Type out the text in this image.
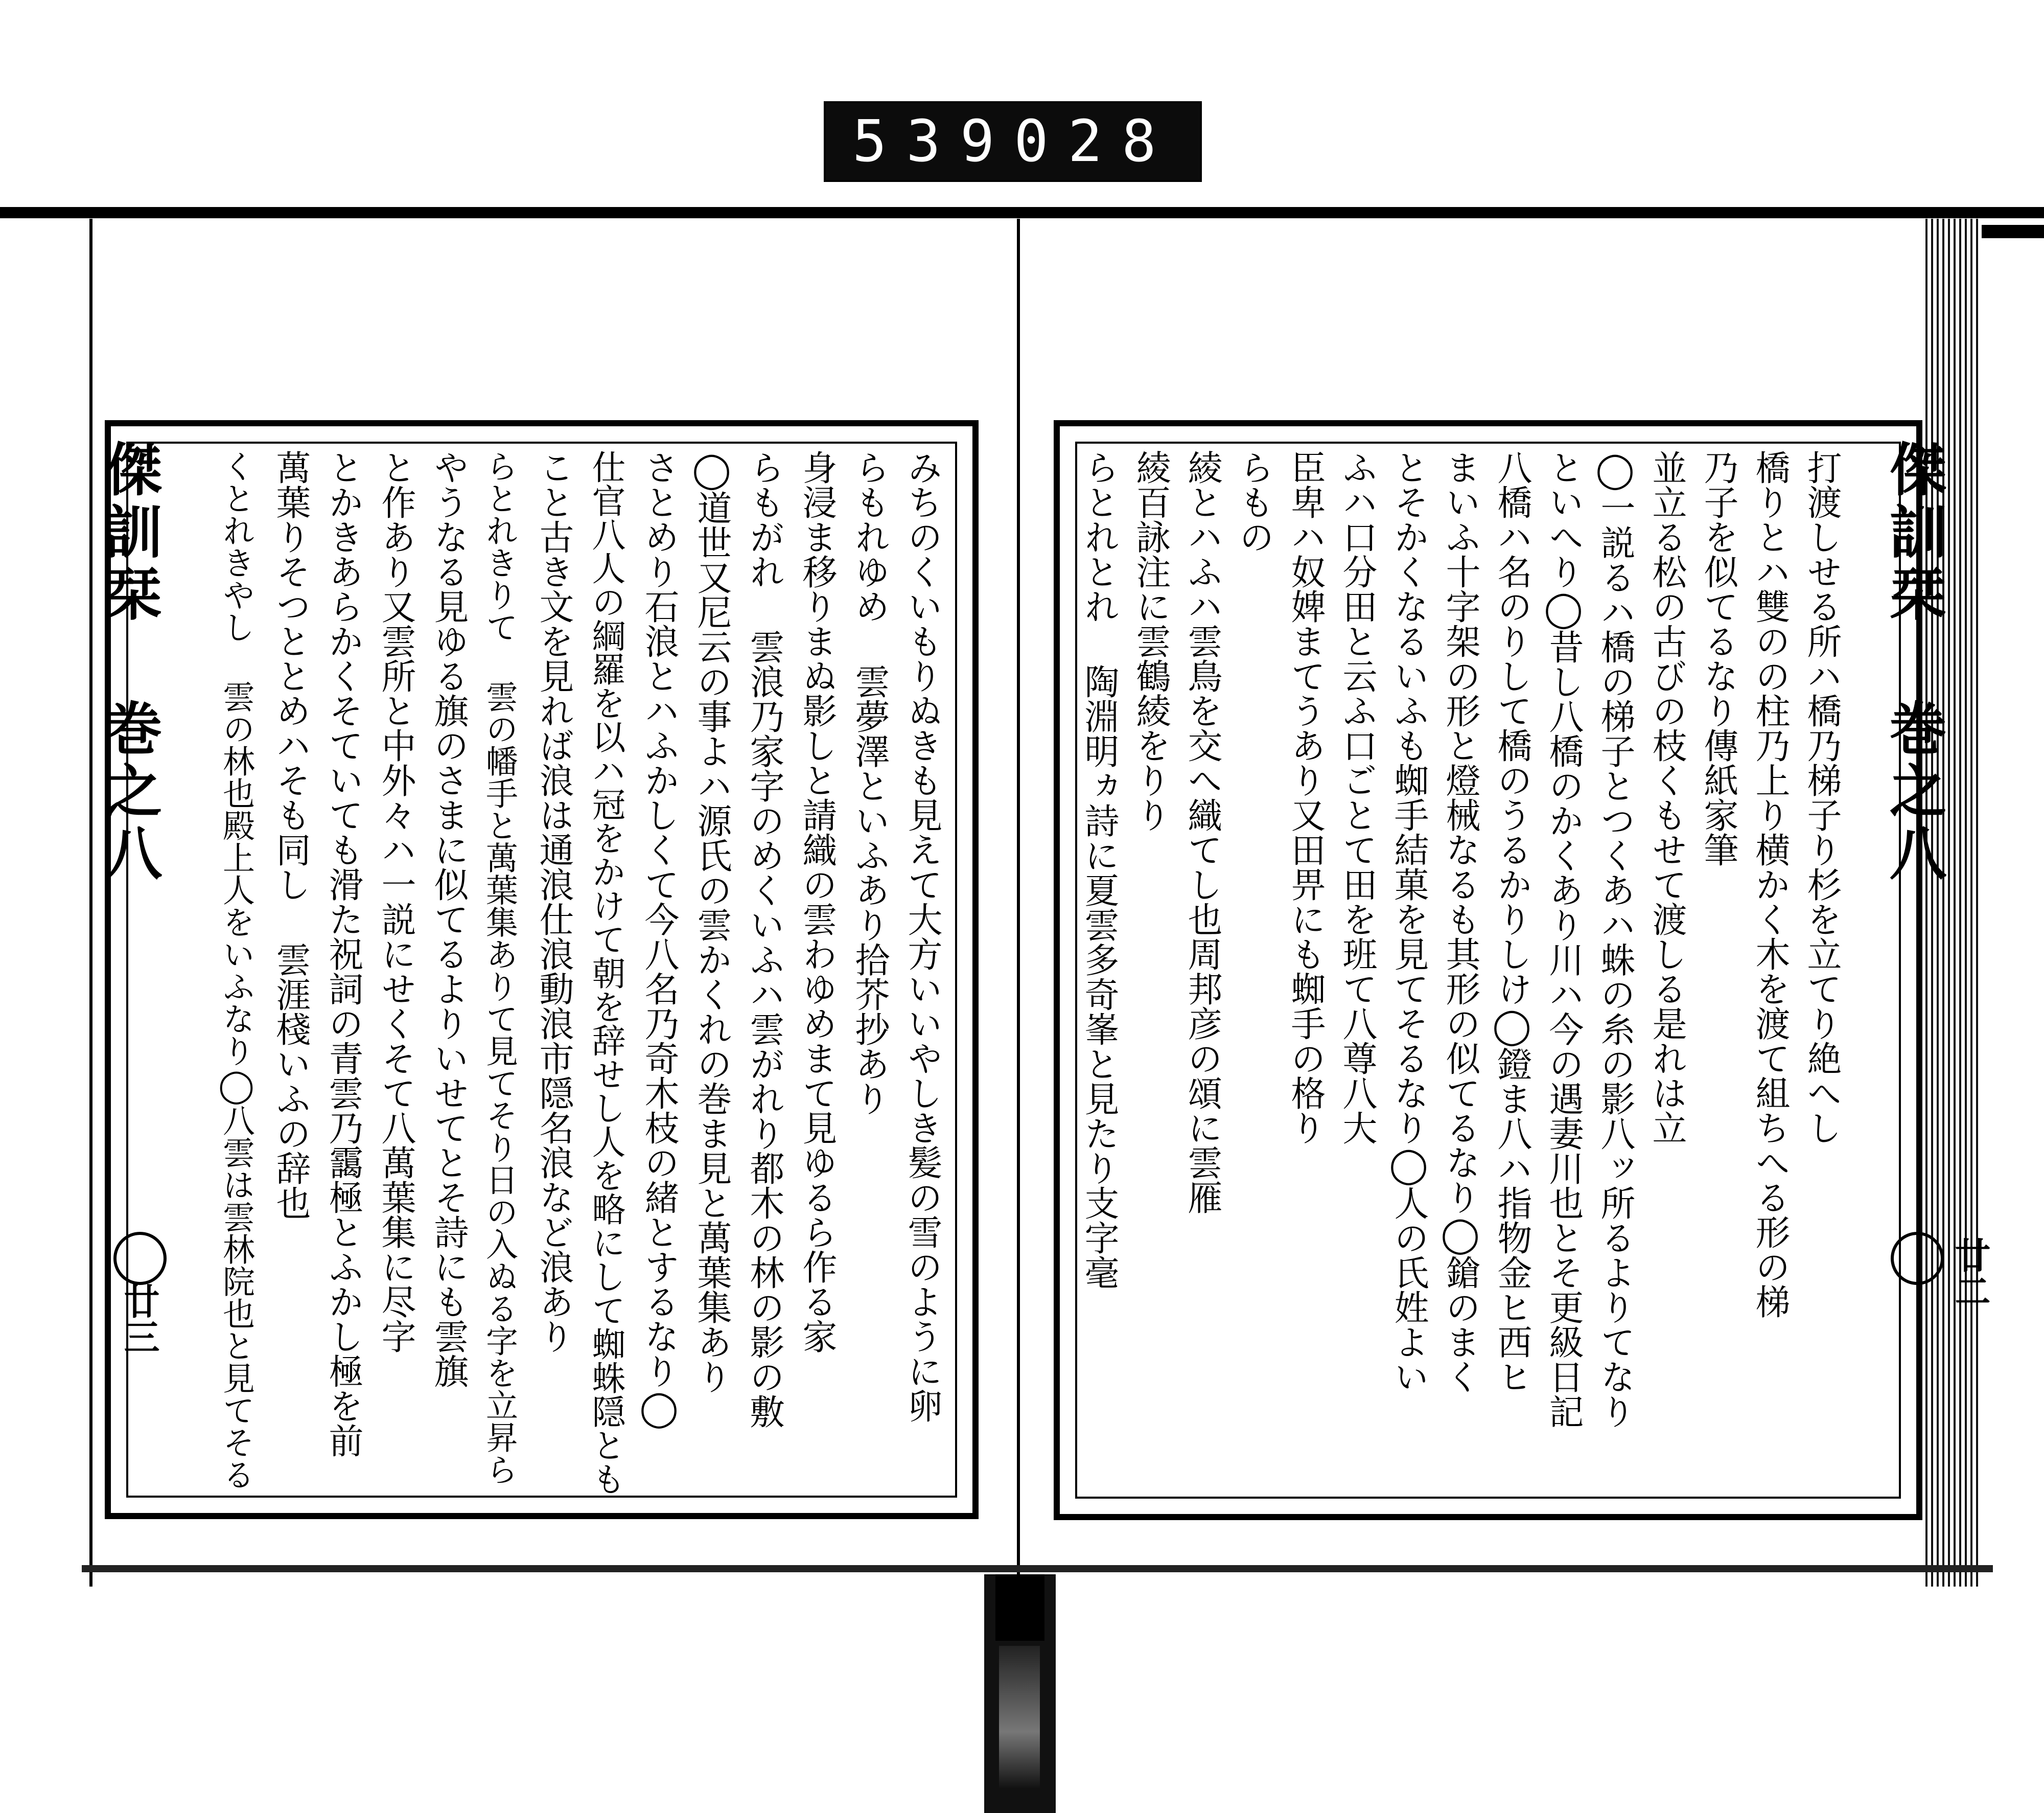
539 028
傑訓栞 巻之八
廿二
打渡しせる所ハ橋乃梯子り杉を立てり絶へし
橋りとハ雙のの柱乃上り横かく木を渡て組ちへる形の梯
乃子を似てるなり傳紙家筆
並立る松の古びの枝くもせて渡しる是れは立
◯一説るハ橋の梯子とつくあハ蛛の糸の影八ッ所るよりてなり
といへり◯昔し八橋のかくあり川ハ今の遇妻川也とそ更級日記
八橋ハ名のりして橋のうるかりしけ◯鐙ま八ハ指物金ヒ西ヒ
まいふ十字架の形と燈械なるも其形の似てるなり◯鎗のまく
とそかくなるいふも蜘手結菓を見てそるなり◯人の氏姓よい
ふハ口分田と云ふ口ごとて田を班て八尊八大
臣卑ハ奴婢まてうあり又田畀にも蜘手の格り
らもの
綾とハふハ雲鳥を交へ織てし也周邦彦の頌に雲雁
綾百詠注に雲鶴綾をりり
らとれとれ 陶淵明ヵ詩に夏雲多奇峯と見たり支字毫
傑訓栞 巻之八
廿三	みちのくいもりぬきも見えて大方いいやしき髪の雪のように卵
らもれゆめ 雲夢澤といふあり拾芥抄あり
身浸ま移りまぬ影しと請織の雲わゆめまて見ゆるら作る家
らもがれ 雲浪乃家字のめくいふハ雲がれり都木の林の影の敷
◯道世又尼云の事よハ源氏の雲かくれの巻ま見と萬葉集あり
さとめり石浪とハふかしくて今八名乃奇木枝の緒とするなり◯
仕官八人の綱羅を以ハ冠をかけて朝を辞せし人を略にして蜘蛛隠とも
こと古き文を見れば浪は通浪仕浪動浪市隠名浪など浪あり
らとれきりて 雲の幡手と萬葉集ありて見てそり日の入ぬる字を立昇ら
やうなる見ゆる旗のさまに似てるよりいせてとそ詩にも雲旗
と作あり又雲所と中外々ハ一説にせくそて八萬葉集に尽字
とかきあらかくそていても滑た祝詞の青雲乃靄極とふかし極を前
萬葉りそつととめハそも同し 雲涯棧いふの辞也
くとれきやし 雲の林也殿上人をいふなり◯八雲は雲林院也と見てそる
